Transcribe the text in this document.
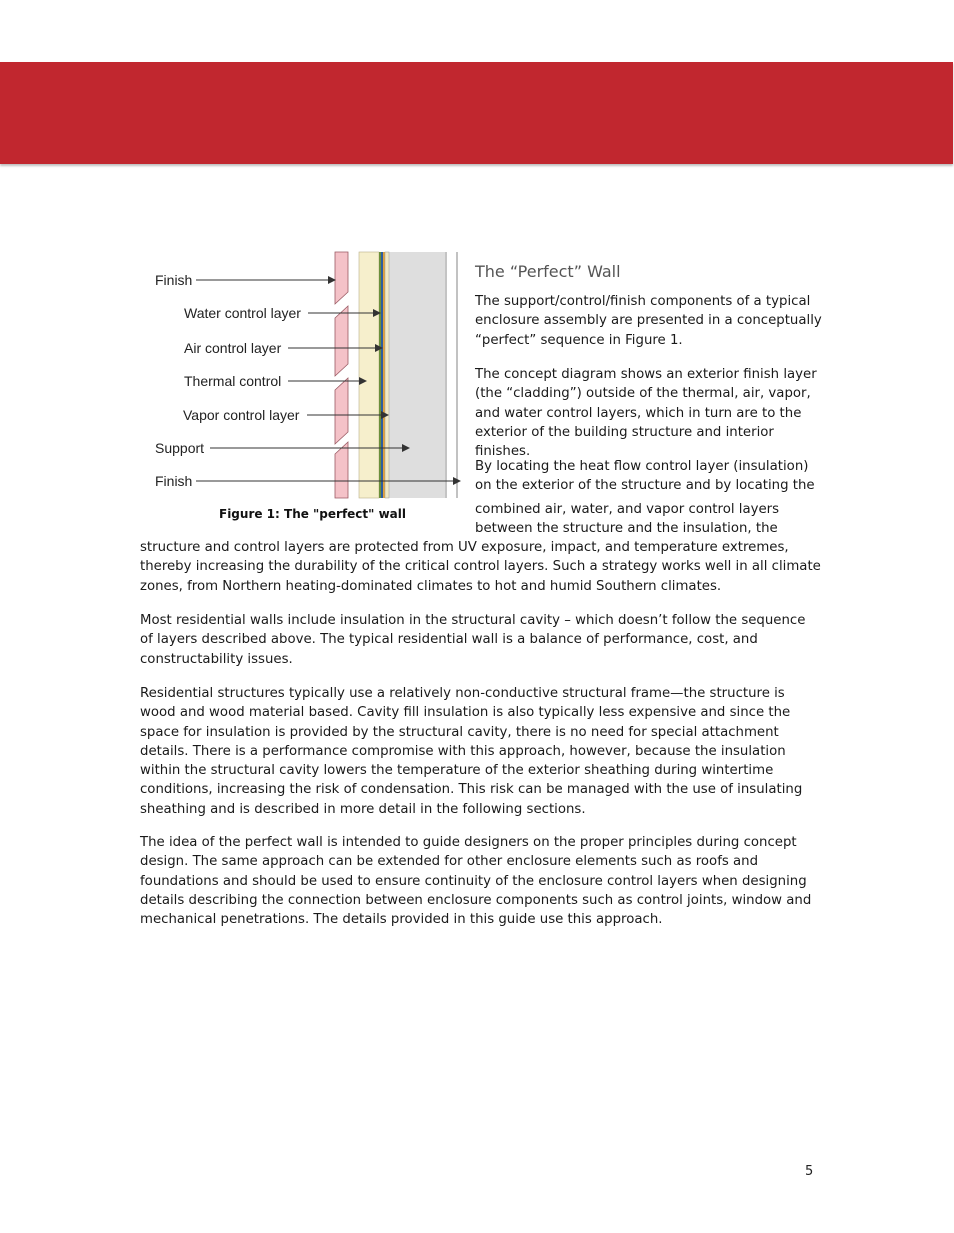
Finish
Water control layer
Air control layer
Thermal control
Vapor control layer
Support
Finish
Figure 1: The "perfect" wall
The “Perfect” Wall

The support/control/finish components of a typical enclosure assembly are presented in a conceptually “perfect” sequence in Figure 1.

The concept diagram shows an exterior finish layer (the “cladding”) outside of the thermal, air, vapor, and water control layers, which in turn are to the exterior of the building structure and interior finishes.

By locating the heat flow control layer (insulation) on the exterior of the structure and by locating the

combined air, water, and vapor control layers between the structure and the insulation, the

structure and control layers are protected from UV exposure, impact, and temperature extremes, thereby increasing the durability of the critical control layers. Such a strategy works well in all climate zones, from Northern heating-dominated climates to hot and humid Southern climates.

Most residential walls include insulation in the structural cavity – which doesn’t follow the sequence of layers described above. The typical residential wall is a balance of performance, cost, and constructability issues.

Residential structures typically use a relatively non-conductive structural frame—the structure is wood and wood material based. Cavity fill insulation is also typically less expensive and since the space for insulation is provided by the structural cavity, there is no need for special attachment details. There is a performance compromise with this approach, however, because the insulation within the structural cavity lowers the temperature of the exterior sheathing during wintertime conditions, increasing the risk of condensation. This risk can be managed with the use of insulating sheathing and is described in more detail in the following sections.

The idea of the perfect wall is intended to guide designers on the proper principles during concept design. The same approach can be extended for other enclosure elements such as roofs and foundations and should be used to ensure continuity of the enclosure control layers when designing details describing the connection between enclosure components such as control joints, window and mechanical penetrations. The details provided in this guide use this approach.

5
